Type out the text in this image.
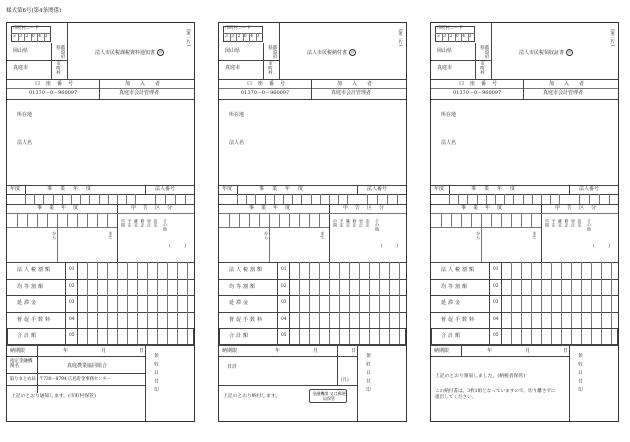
様式第6号(第4条関係)
市町村コード
3 3 2 0 4 3
岡山県	都道府県
真庭市	市町村
法人市民税課税資料通知書 ㊞
(第一片)
口座番号	加入者
01370－0－960097	真庭市会計管理者
所在地
法人名
年度	事業年度	法人番号
事業年度	申告区分
から	まで
中間 予定 確定 修正 更正 決定 その他
(　　　)
法人税割額	01
均等割額	02
延滞金	03
督促手数料	04
合計額	05
領収日付印
納期限	年　月　日
指定金融機関名	真庭農業協同組合
取りまとめ局 〒730－8794 広島貯金事務センター
上記のとおり通知します。(市町村保管)
市町村コード
3 3 2 0 4 3
岡山県	都道府県
真庭市	市町村
法人市民税納付書 ㊞
(第二片)
口座番号	加入者
01370－0－960097	真庭市会計管理者
所在地
法人名
年度	事業年度	法人番号
事業年度	申告区分
から	まで
中間 予定 確定 修正 更正 決定 その他
(　　　)
法人税割額	01
均等割額	02
延滞金	03
督促手数料	04
合計額	05
領収日付印
納期限	年　月　日
日計
(月)
上記のとおり納付します。
金融機関 又は郵便局保管
市町村コード
3 3 2 0 4 3
岡山県	都道府県
真庭市	市町村
法人市民税領収証書 ㊞
(第三片)
口座番号	加入者
01370－0－960097	真庭市会計管理者
所在地
法人名
年度	事業年度	法人番号
事業年度	申告区分
から	まで
中間 予定 確定 修正 更正 決定 その他
(　　　)
法人税割額	01
均等割額	02
延滞金	03
督促手数料	04
合計額	05
領収日付印
納期限	年　月　日
上記のとおり領収しました。(納税者保管)
この納付書は、3枚1組となっていますので、切り離さずに提出してください。
